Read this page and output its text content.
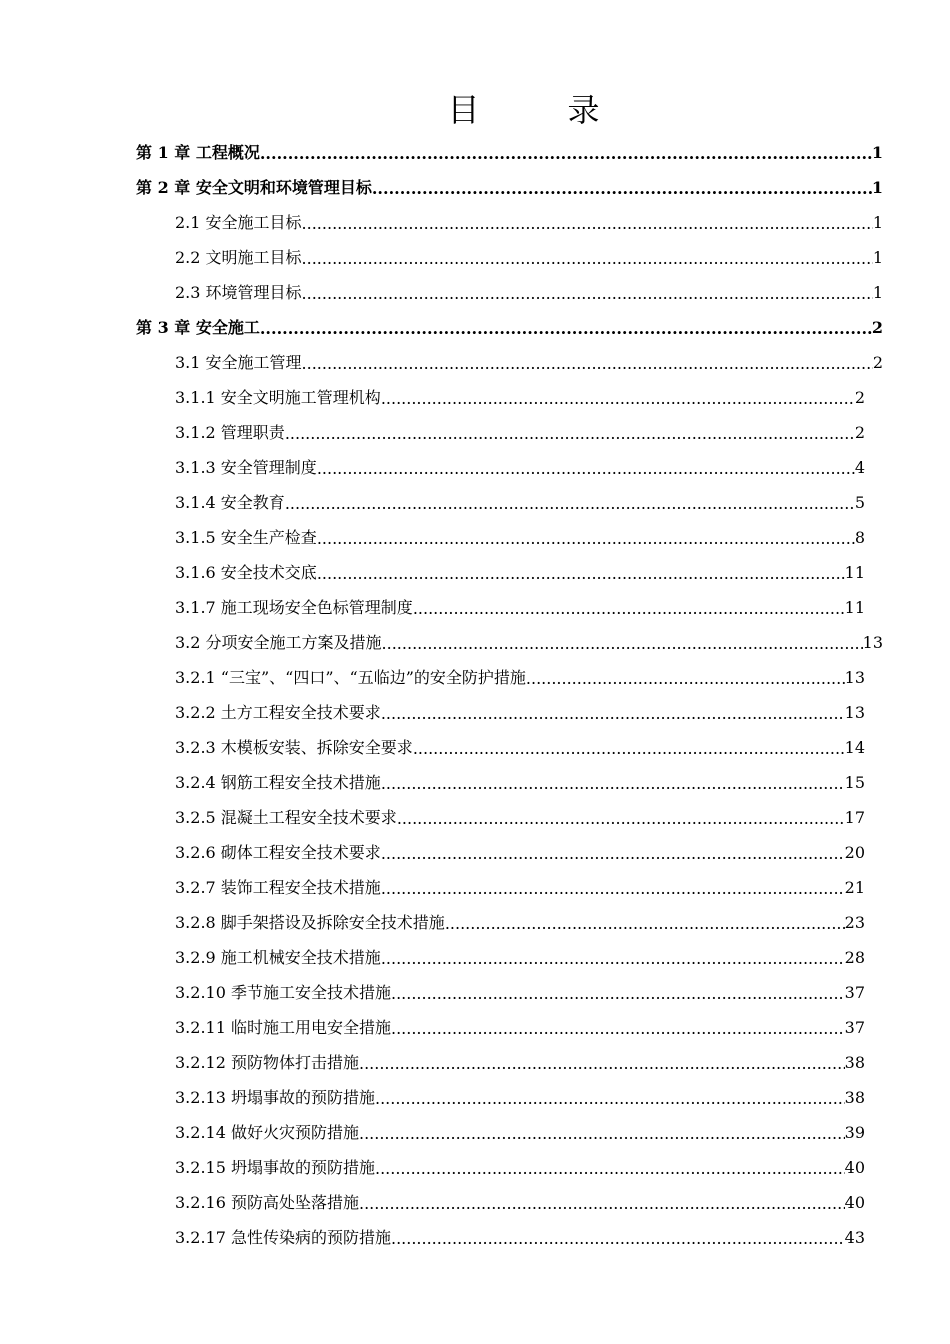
目　录
第 1 章 工程概况 .....	1
第 2 章 安全文明和环境管理目标 .....	1
2.1 安全施工目标 .....	1
2.2 文明施工目标 .....	1
2.3 环境管理目标 .....	1
第 3 章 安全施工 .....	2
3.1 安全施工管理 .....	2
3.1.1 安全文明施工管理机构 .....	2
3.1.2 管理职责 .....	2
3.1.3 安全管理制度 .....	4
3.1.4 安全教育 .....	5
3.1.5 安全生产检查 .....	8
3.1.6 安全技术交底 .....	11
3.1.7 施工现场安全色标管理制度 .....	11
3.2 分项安全施工方案及措施 .....	13
3.2.1 “三宝”、“四口”、“五临边”的安全防护措施 .....	13
3.2.2 土方工程安全技术要求 .....	13
3.2.3 木模板安装、拆除安全要求 .....	14
3.2.4 钢筋工程安全技术措施 .....	15
3.2.5 混凝土工程安全技术要求 .....	17
3.2.6 砌体工程安全技术要求 .....	20
3.2.7 装饰工程安全技术措施 .....	21
3.2.8 脚手架搭设及拆除安全技术措施 .....	23
3.2.9 施工机械安全技术措施 .....	28
3.2.10 季节施工安全技术措施 .....	37
3.2.11 临时施工用电安全措施 .....	37
3.2.12 预防物体打击措施 .....	38
3.2.13 坍塌事故的预防措施 .....	38
3.2.14 做好火灾预防措施 .....	39
3.2.15 坍塌事故的预防措施 .....	40
3.2.16 预防高处坠落措施 .....	40
3.2.17 急性传染病的预防措施 .....	43
